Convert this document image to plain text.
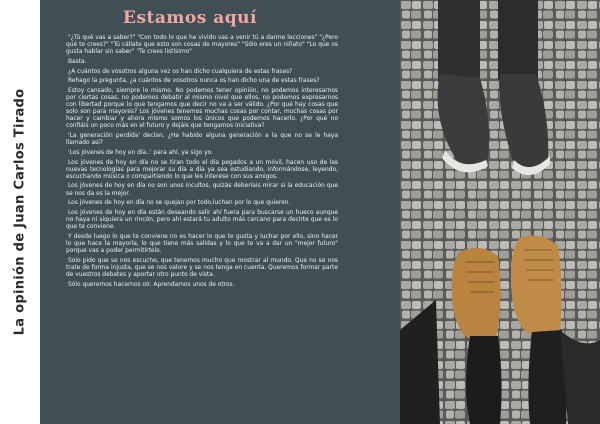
La opinión de Juan Carlos Tirado
Estamos aquí

"¿Tú qué vas a saber?" "Con todo lo que he vivido vas a venir tú a darme lecciones" "¿Pero qué te crees?" "Tú cállate que esto son cosas de mayores" "Sólo eres un niñato" "Lo que os gusta hablar sin saber" "Te crees listísimo"

Basta.

¿A cuántos de vosotros alguna vez os han dicho cualquiera de estas frases?

Rehago la pregunta, ¿a cuántos de vosotros nunca os han dicho una de estas frases?

Estoy cansado, siempre lo mismo. No podemos tener opinión, no podemos interesarnos por ciertas cosas, no podemos debatir al mismo nivel que ellos, no podemos expresarnos con libertad porque lo que tengamos que decir no va a ser válido. ¿Por qué hay cosas que solo son para mayores? Los jóvenes tenemos muchas cosas por contar, muchas cosas por hacer y cambiar y ahora mismo somos los únicos que podemos hacerlo. ¿Por qué no confiáis un poco más en el futuro y dejáis que tengamos iniciativa?

'La generación perdida' declan. ¿Ha habido alguna generación a la que no se le haya llamado así?

'Los jóvenes de hoy en día..' para ahí, ya sigo yo.

Los jóvenes de hoy en día no se tiran todo el día pegados a un móvil, hacen uso de las nuevas tecnologías para mejorar su día a día ya sea estudiando, informándose, leyendo, escuchando música o compartiendo lo que les interese con sus amigos.

Los jóvenes de hoy en día no son unos incultos, quizás deberíais mirar si la educación que se nos da es la mejor.

Los jóvenes de hoy en día no se quejan por todo,luchan por lo que quieren.

Los jóvenes de hoy en día están deseando salir ahí fuera para buscarse un hueco aunque no haya ni siquiera un rincón, pero ahí estará tu adulto más cercano para decirte que es lo que te conviene.

Y desde luego lo que te conviene no es hacer lo que te gusta y luchar por ello, sino hacer lo que hace la mayoría, lo que tiene más salidas y lo que te va a dar un "mejor futuro" porque vas a poder permitírtelo.

Solo pido que se nos escuche, que tenemos mucho que mostrar al mundo. Que no se nos trate de forma injusta, que se nos valore y se nos tenga en cuenta. Queremos formar parte de vuestros debates y aportar otro punto de vista.

Sólo queremos hacernos oír. Aprendamos unos de otros.
